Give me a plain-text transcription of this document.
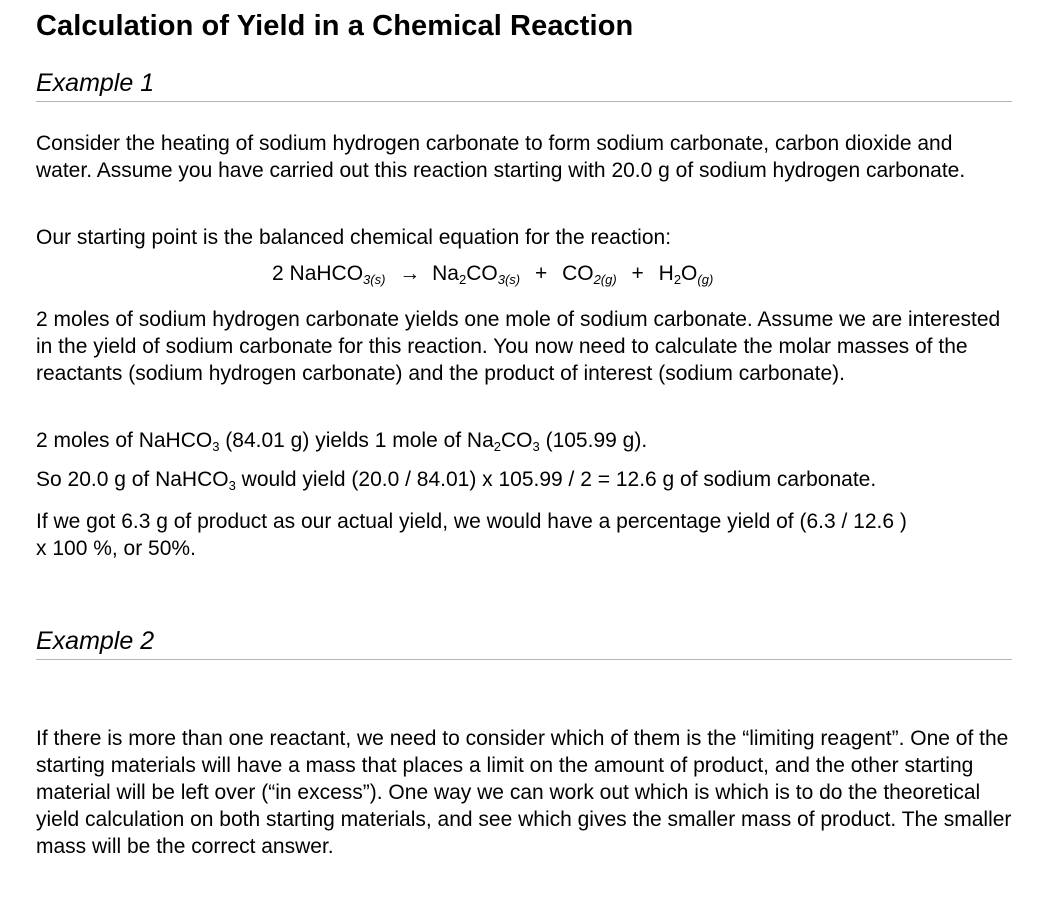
Calculation of Yield in a Chemical Reaction
Example 1

Consider the heating of sodium hydrogen carbonate to form sodium carbonate, carbon dioxide and water. Assume you have carried out this reaction starting with 20.0 g of sodium hydrogen carbonate.

Our starting point is the balanced chemical equation for the reaction:

2 NaHCO$_{3(s)}$ → $Na_2CO_{3(s)} + CO_{2(g)} + H_2O_{(g)}$

2 moles of sodium hydrogen carbonate yields one mole of sodium carbonate. Assume we are interested in the yield of sodium carbonate for this reaction. You now need to calculate the molar masses of the reactants (sodium hydrogen carbonate) and the product of interest (sodium carbonate).

2 moles of NaHCO$_3$ (84.01 g) yields 1 mole of $Na_2CO_3$ (105.99 g).

So 20.0 g of NaHCO$_3$ would yield (20.0 / 84.01) x 105.99 / 2 = 12.6 g of sodium carbonate.

If we got 6.3 g of product as our actual yield, we would have a percentage yield of (6.3 / 12.6 ) x 100 %, or 50%.

Example 2

If there is more than one reactant, we need to consider which of them is the “limiting reagent”. One of the starting materials will have a mass that places a limit on the amount of product, and the other starting material will be left over (“in excess”). One way we can work out which is which is to do the theoretical yield calculation on both starting materials, and see which gives the smaller mass of product. The smaller mass will be the correct answer.
